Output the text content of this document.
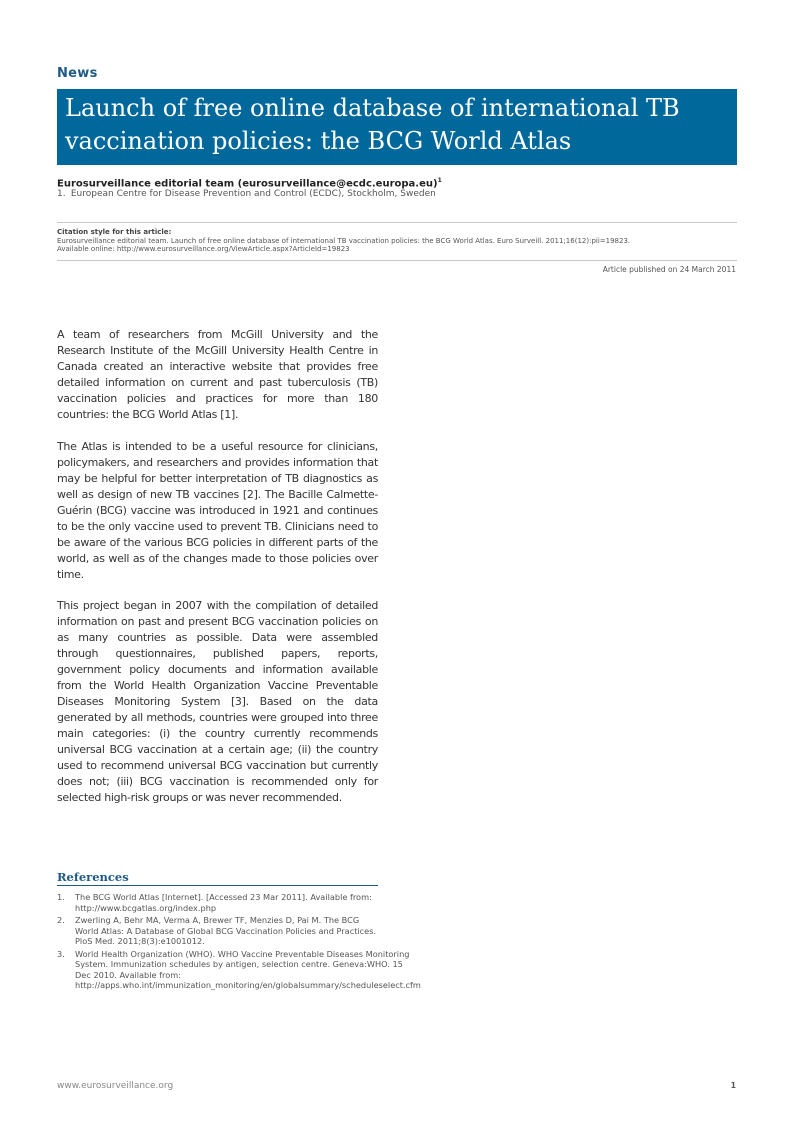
News
Launch of free online database of international TB vaccination policies: the BCG World Atlas
Eurosurveillance editorial team (eurosurveillance@ecdc.europa.eu)$^1$
1. European Centre for Disease Prevention and Control (ECDC), Stockholm, Sweden
Citation style for this article:
Eurosurveillance editorial team. Launch of free online database of international TB vaccination policies: the BCG World Atlas. Euro Surveill. 2011;16(12):pii=19823.
Available online: http://www.eurosurveillance.org/ViewArticle.aspx?ArticleId=19823
Article published on 24 March 2011

A team of researchers from McGill University and the Research Institute of the McGill University Health Centre in Canada created an interactive website that provides free detailed information on current and past tuberculosis (TB) vaccination policies and practices for more than 180 countries: the BCG World Atlas [1].

The Atlas is intended to be a useful resource for clinicians, policymakers, and researchers and provides information that may be helpful for better interpretation of TB diagnostics as well as design of new TB vaccines [2]. The Bacille Calmette-Guérin (BCG) vaccine was introduced in 1921 and continues to be the only vaccine used to prevent TB. Clinicians need to be aware of the various BCG policies in different parts of the world, as well as of the changes made to those policies over time.

This project began in 2007 with the compilation of detailed information on past and present BCG vaccination policies on as many countries as possible. Data were assembled through questionnaires, published papers, reports, government policy documents and information available from the World Health Organization Vaccine Preventable Diseases Monitoring System [3]. Based on the data generated by all methods, countries were grouped into three main categories: (i) the country currently recommends universal BCG vaccination at a certain age; (ii) the country used to recommend universal BCG vaccination but currently does not; (iii) BCG vaccination is recommended only for selected high-risk groups or was never recommended.

References
1.	The BCG World Atlas [Internet]. [Accessed 23 Mar 2011]. Available from: http://www.bcgatlas.org/index.php
2.	Zwerling A, Behr MA, Verma A, Brewer TF, Menzies D, Pai M. The BCG World Atlas: A Database of Global BCG Vaccination Policies and Practices. PloS Med. 2011;8(3):e1001012.
3.	World Health Organization (WHO). WHO Vaccine Preventable Diseases Monitoring System. Immunization schedules by antigen, selection centre. Geneva:WHO. 15 Dec 2010. Available from: http://apps.who.int/immunization_monitoring/en/globalsummary/scheduleselect.cfm
www.eurosurveillance.org	1
